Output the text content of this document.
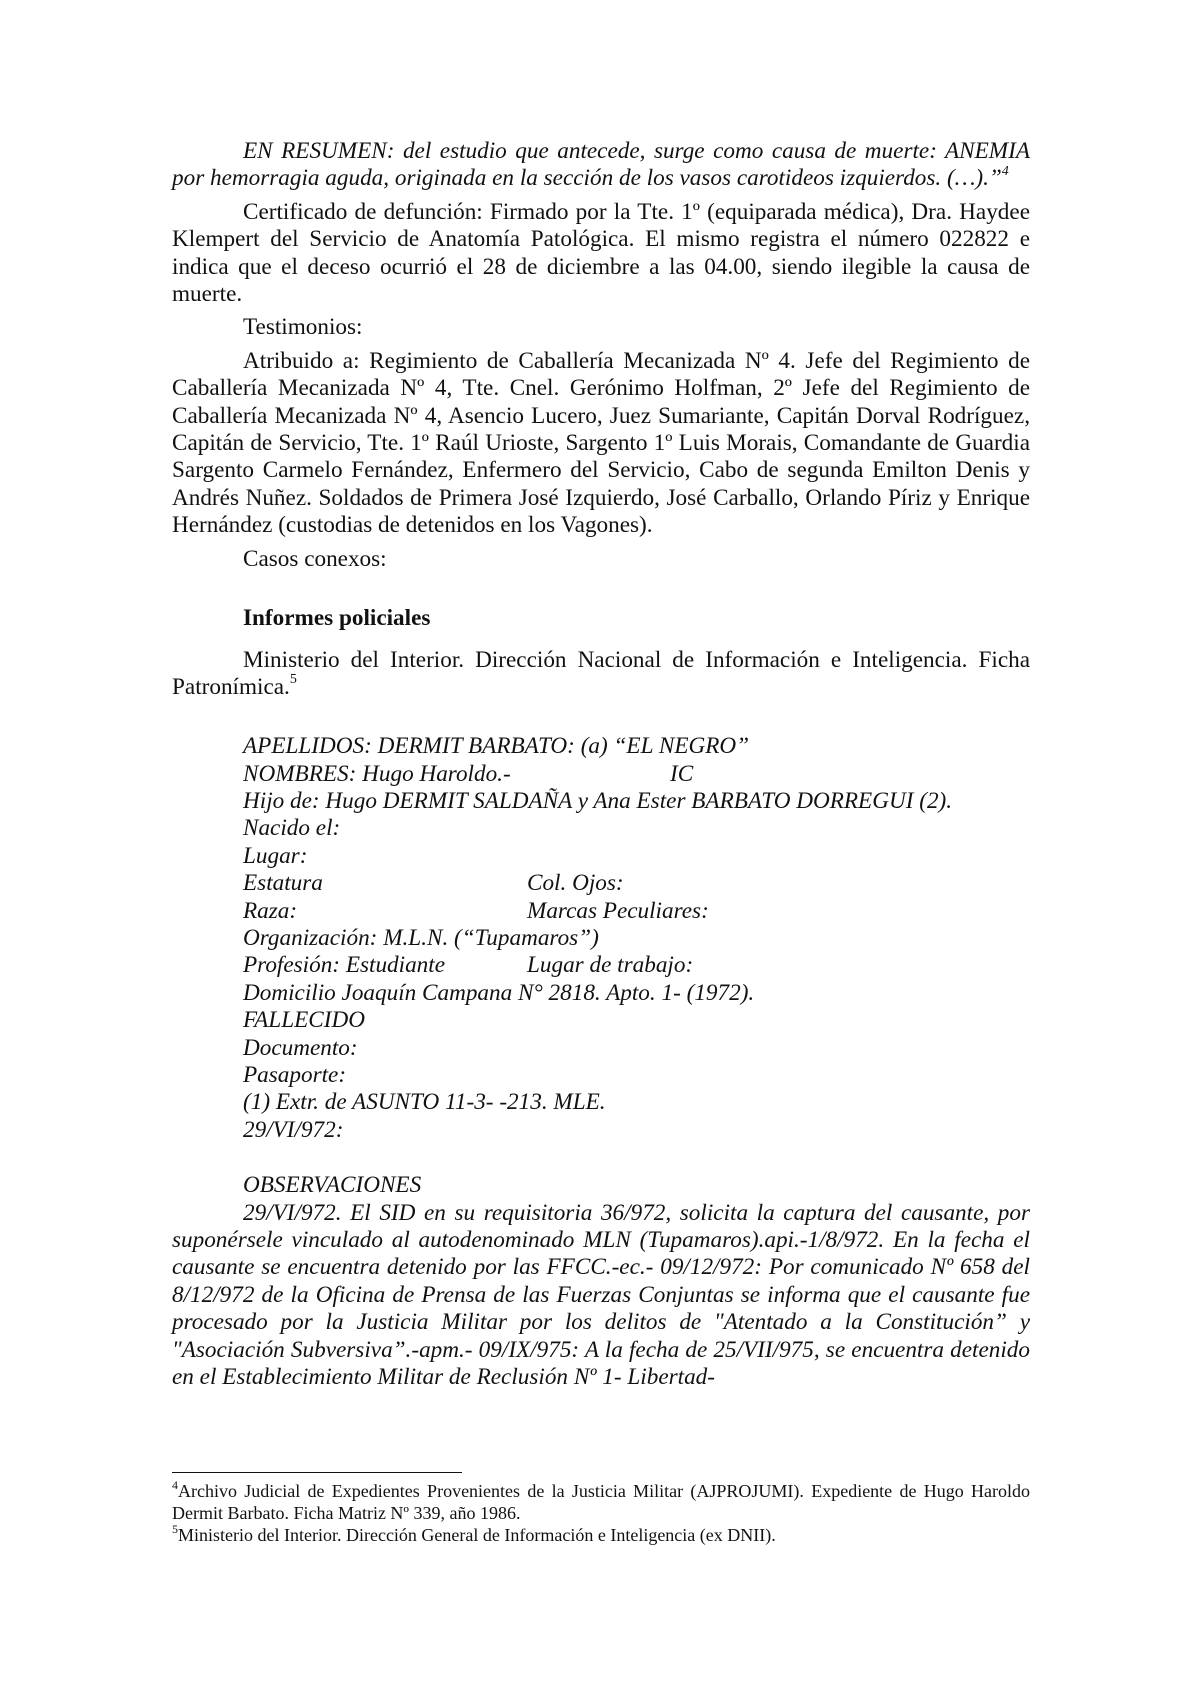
EN RESUMEN: del estudio que antecede, surge como causa de muerte: ANEMIA por hemorragia aguda, originada en la sección de los vasos carotideos izquierdos. (…).”$^4$

Certificado de defunción: Firmado por la Tte. 1º (equiparada médica), Dra. Haydee Klempert del Servicio de Anatomía Patológica. El mismo registra el número 022822 e indica que el deceso ocurrió el 28 de diciembre a las 04.00, siendo ilegible la causa de muerte.

Testimonios:

Atribuido a: Regimiento de Caballería Mecanizada Nº 4. Jefe del Regimiento de Caballería Mecanizada Nº 4, Tte. Cnel. Gerónimo Holfman, 2º Jefe del Regimiento de Caballería Mecanizada Nº 4, Asencio Lucero, Juez Sumariante, Capitán Dorval Rodríguez, Capitán de Servicio, Tte. 1º Raúl Urioste, Sargento 1º Luis Morais, Comandante de Guardia Sargento Carmelo Fernández, Enfermero del Servicio, Cabo de segunda Emilton Denis y Andrés Nuñez. Soldados de Primera José Izquierdo, José Carballo, Orlando Píriz y Enrique Hernández (custodias de detenidos en los Vagones).

Casos conexos:

Informes policiales

Ministerio del Interior. Dirección Nacional de Información e Inteligencia. Ficha Patronímica.$^5$

APELLIDOS: DERMIT BARBATO: (a) “EL NEGRO”
NOMBRES: Hugo Haroldo.-	IC
Hijo de: Hugo DERMIT SALDAÑA y Ana Ester BARBATO DORREGUI (2).
Nacido el:
Lugar:
Estatura	Col. Ojos:
Raza:	Marcas Peculiares:
Organización: M.L.N. (“Tupamaros”)
Profesión: Estudiante	Lugar de trabajo:
Domicilio Joaquín Campana N° 2818. Apto. 1- (1972).
FALLECIDO
Documento:
Pasaporte:
(1) Extr. de ASUNTO 11-3- -213. MLE.
29/VI/972:

OBSERVACIONES

29/VI/972. El SID en su requisitoria 36/972, solicita la captura del causante, por suponérsele vinculado al autodenominado MLN (Tupamaros).api.-1/8/972. En la fecha el causante se encuentra detenido por las FFCC.-ec.- 09/12/972: Por comunicado Nº 658 del 8/12/972 de la Oficina de Prensa de las Fuerzas Conjuntas se informa que el causante fue procesado por la Justicia Militar por los delitos de "Atentado a la Constitución” y "Asociación Subversiva”.-apm.- 09/IX/975: A la fecha de 25/VII/975, se encuentra detenido en el Establecimiento Militar de Reclusión Nº 1- Libertad-

$^4$Archivo Judicial de Expedientes Provenientes de la Justicia Militar (AJPROJUMI). Expediente de Hugo Haroldo Dermit Barbato. Ficha Matriz Nº 339, año 1986.

$^5$Ministerio del Interior. Dirección General de Información e Inteligencia (ex DNII).
